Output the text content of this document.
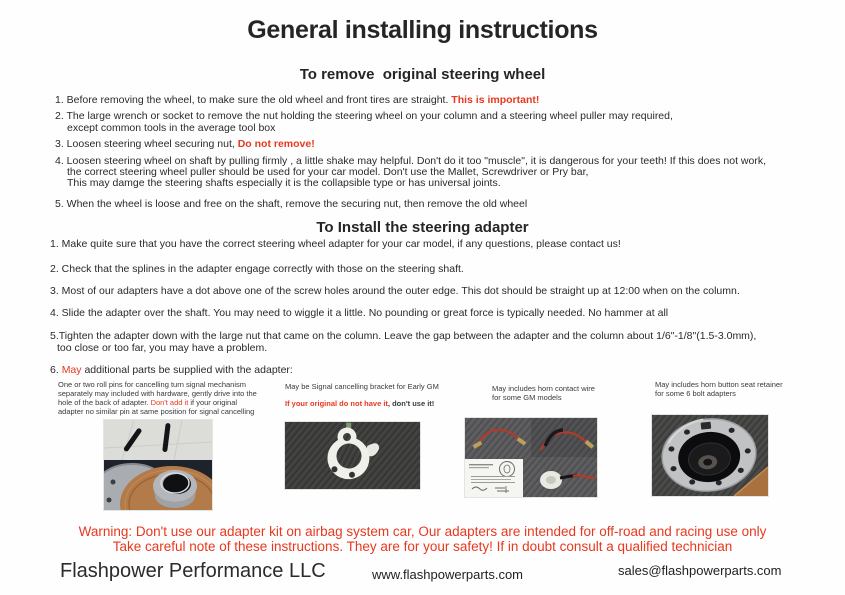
General installing instructions
To remove  original steering wheel
1. Before removing the wheel, to make sure the old wheel and front tires are straight. This is important!
2. The large wrench or socket to remove the nut holding the steering wheel on your column and a steering wheel puller may required,
except common tools in the average tool box
3. Loosen steering wheel securing nut, Do not remove!
4. Loosen steering wheel on shaft by pulling firmly , a little shake may helpful. Don't do it too "muscle", it is dangerous for your teeth! If this does not work,
the correct steering wheel puller should be used for your car model. Don't use the Mallet, Screwdriver or Pry bar,
This may damge the steering shafts especially it is the collapsible type or has universal joints.
5. When the wheel is loose and free on the shaft, remove the securing nut, then remove the old wheel
To Install the steering adapter
1. Make quite sure that you have the correct steering wheel adapter for your car model, if any questions, please contact us!
2. Check that the splines in the adapter engage correctly with those on the steering shaft.
3. Most of our adapters have a dot above one of the screw holes around the outer edge. This dot should be straight up at 12:00 when on the column.
4. Slide the adapter over the shaft. You may need to wiggle it a little. No pounding or great force is typically needed. No hammer at all
5.Tighten the adapter down with the large nut that came on the column. Leave the gap between the adapter and the column about 1/6"-1/8"(1.5-3.0mm),
too close or too far, you may have a problem.
6. May additional parts be supplied with the adapter:

One or two roll pins for cancelling turn signal mechanism separately may included with hardware, gently drive into the hole of the back of adapter. Don't add it if your original adapter no similar pin at same position for signal cancelling

May be Signal cancelling bracket for Early GM

If your original do not have it, don't use it!

May includes horn contact wire

for some GM models

May includes horn button seat retainer

for some 6 bolt adapters

Warning: Don't use our adapter kit on airbag system car, Our adapters are intended for off-road and racing use only
Take careful note of these instructions. They are for your safety! If in doubt consult a qualified technician
Flashpower Performance LLC	www.flashpowerparts.com	sales@flashpowerparts.com
